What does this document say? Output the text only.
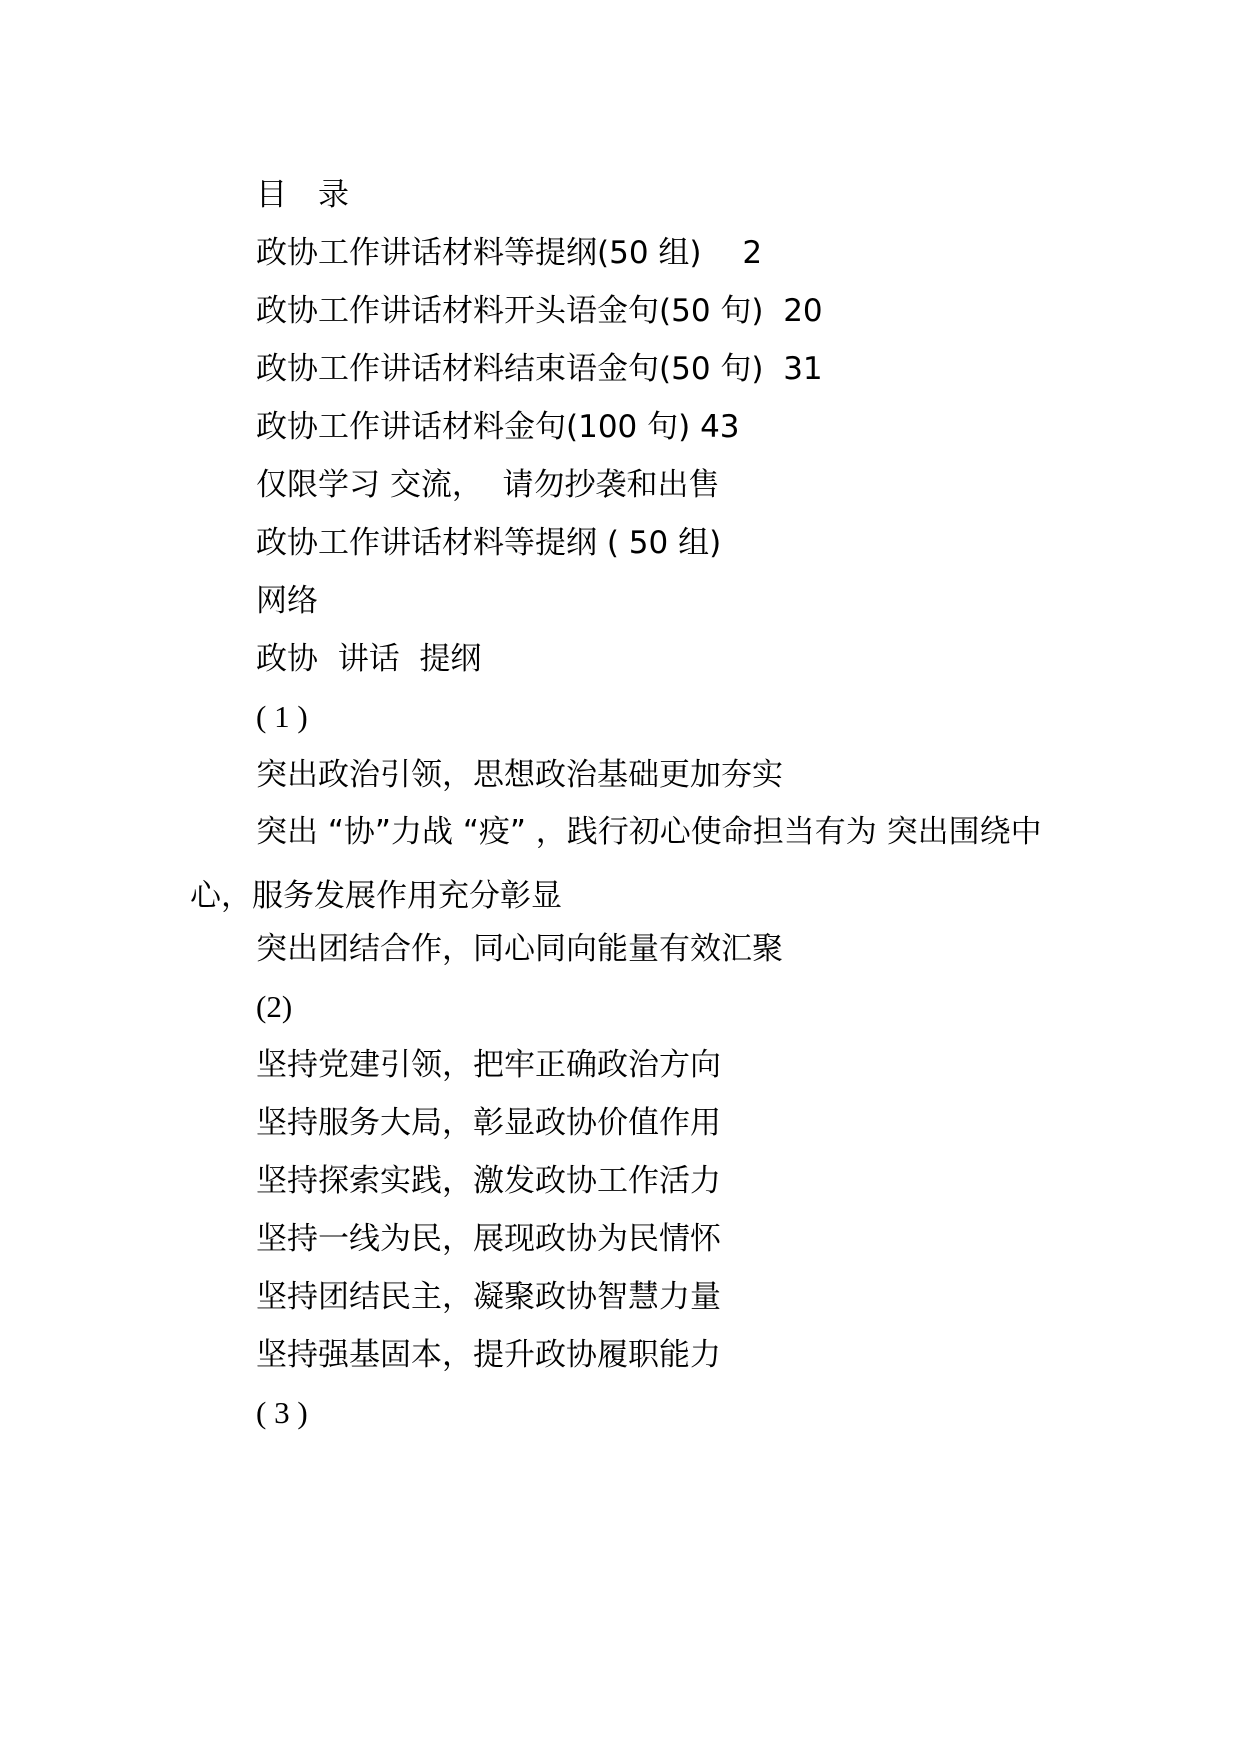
目　录

政协工作讲话材料等提纲(50 组)　 2

政协工作讲话材料开头语金句(50 句)  20

政协工作讲话材料结束语金句(50 句)  31

政协工作讲话材料金句(100 句) 43

仅限学习 交流，  请勿抄袭和出售

政协工作讲话材料等提纲 ( 50 组)

网络

政协  讲话  提纲

( 1 )

突出政治引领，思想政治基础更加夯实

突出 “协”力战 “疫” ，践行初心使命担当有为 突出围绕中心，服务发展作用充分彰显

突出团结合作，同心同向能量有效汇聚

(2)

坚持党建引领，把牢正确政治方向

坚持服务大局，彰显政协价值作用

坚持探索实践，激发政协工作活力

坚持一线为民，展现政协为民情怀

坚持团结民主，凝聚政协智慧力量

坚持强基固本，提升政协履职能力

( 3 )
